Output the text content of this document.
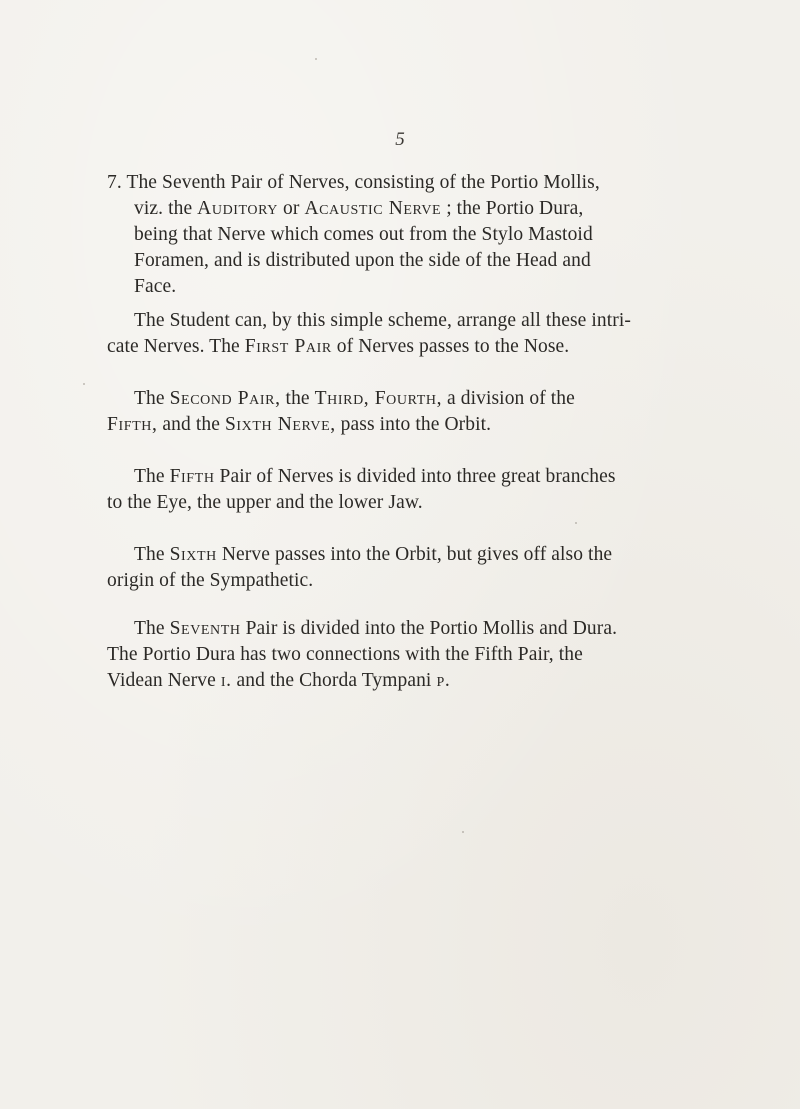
5

7. The Seventh Pair of Nerves, consisting of the Portio Mollis,
viz. the Auditory or Acaustic Nerve ; the Portio Dura,
being that Nerve which comes out from the Stylo Mastoid
Foramen, and is distributed upon the side of the Head and
Face.

The Student can, by this simple scheme, arrange all these intri-
cate Nerves. The First Pair of Nerves passes to the Nose.

The Second Pair, the Third, Fourth, a division of the
Fifth, and the Sixth Nerve, pass into the Orbit.

The Fifth Pair of Nerves is divided into three great branches
to the Eye, the upper and the lower Jaw.

The Sixth Nerve passes into the Orbit, but gives off also the
origin of the Sympathetic.

The Seventh Pair is divided into the Portio Mollis and Dura.
The Portio Dura has two connections with the Fifth Pair, the
Videan Nerve i. and the Chorda Tympani p.
